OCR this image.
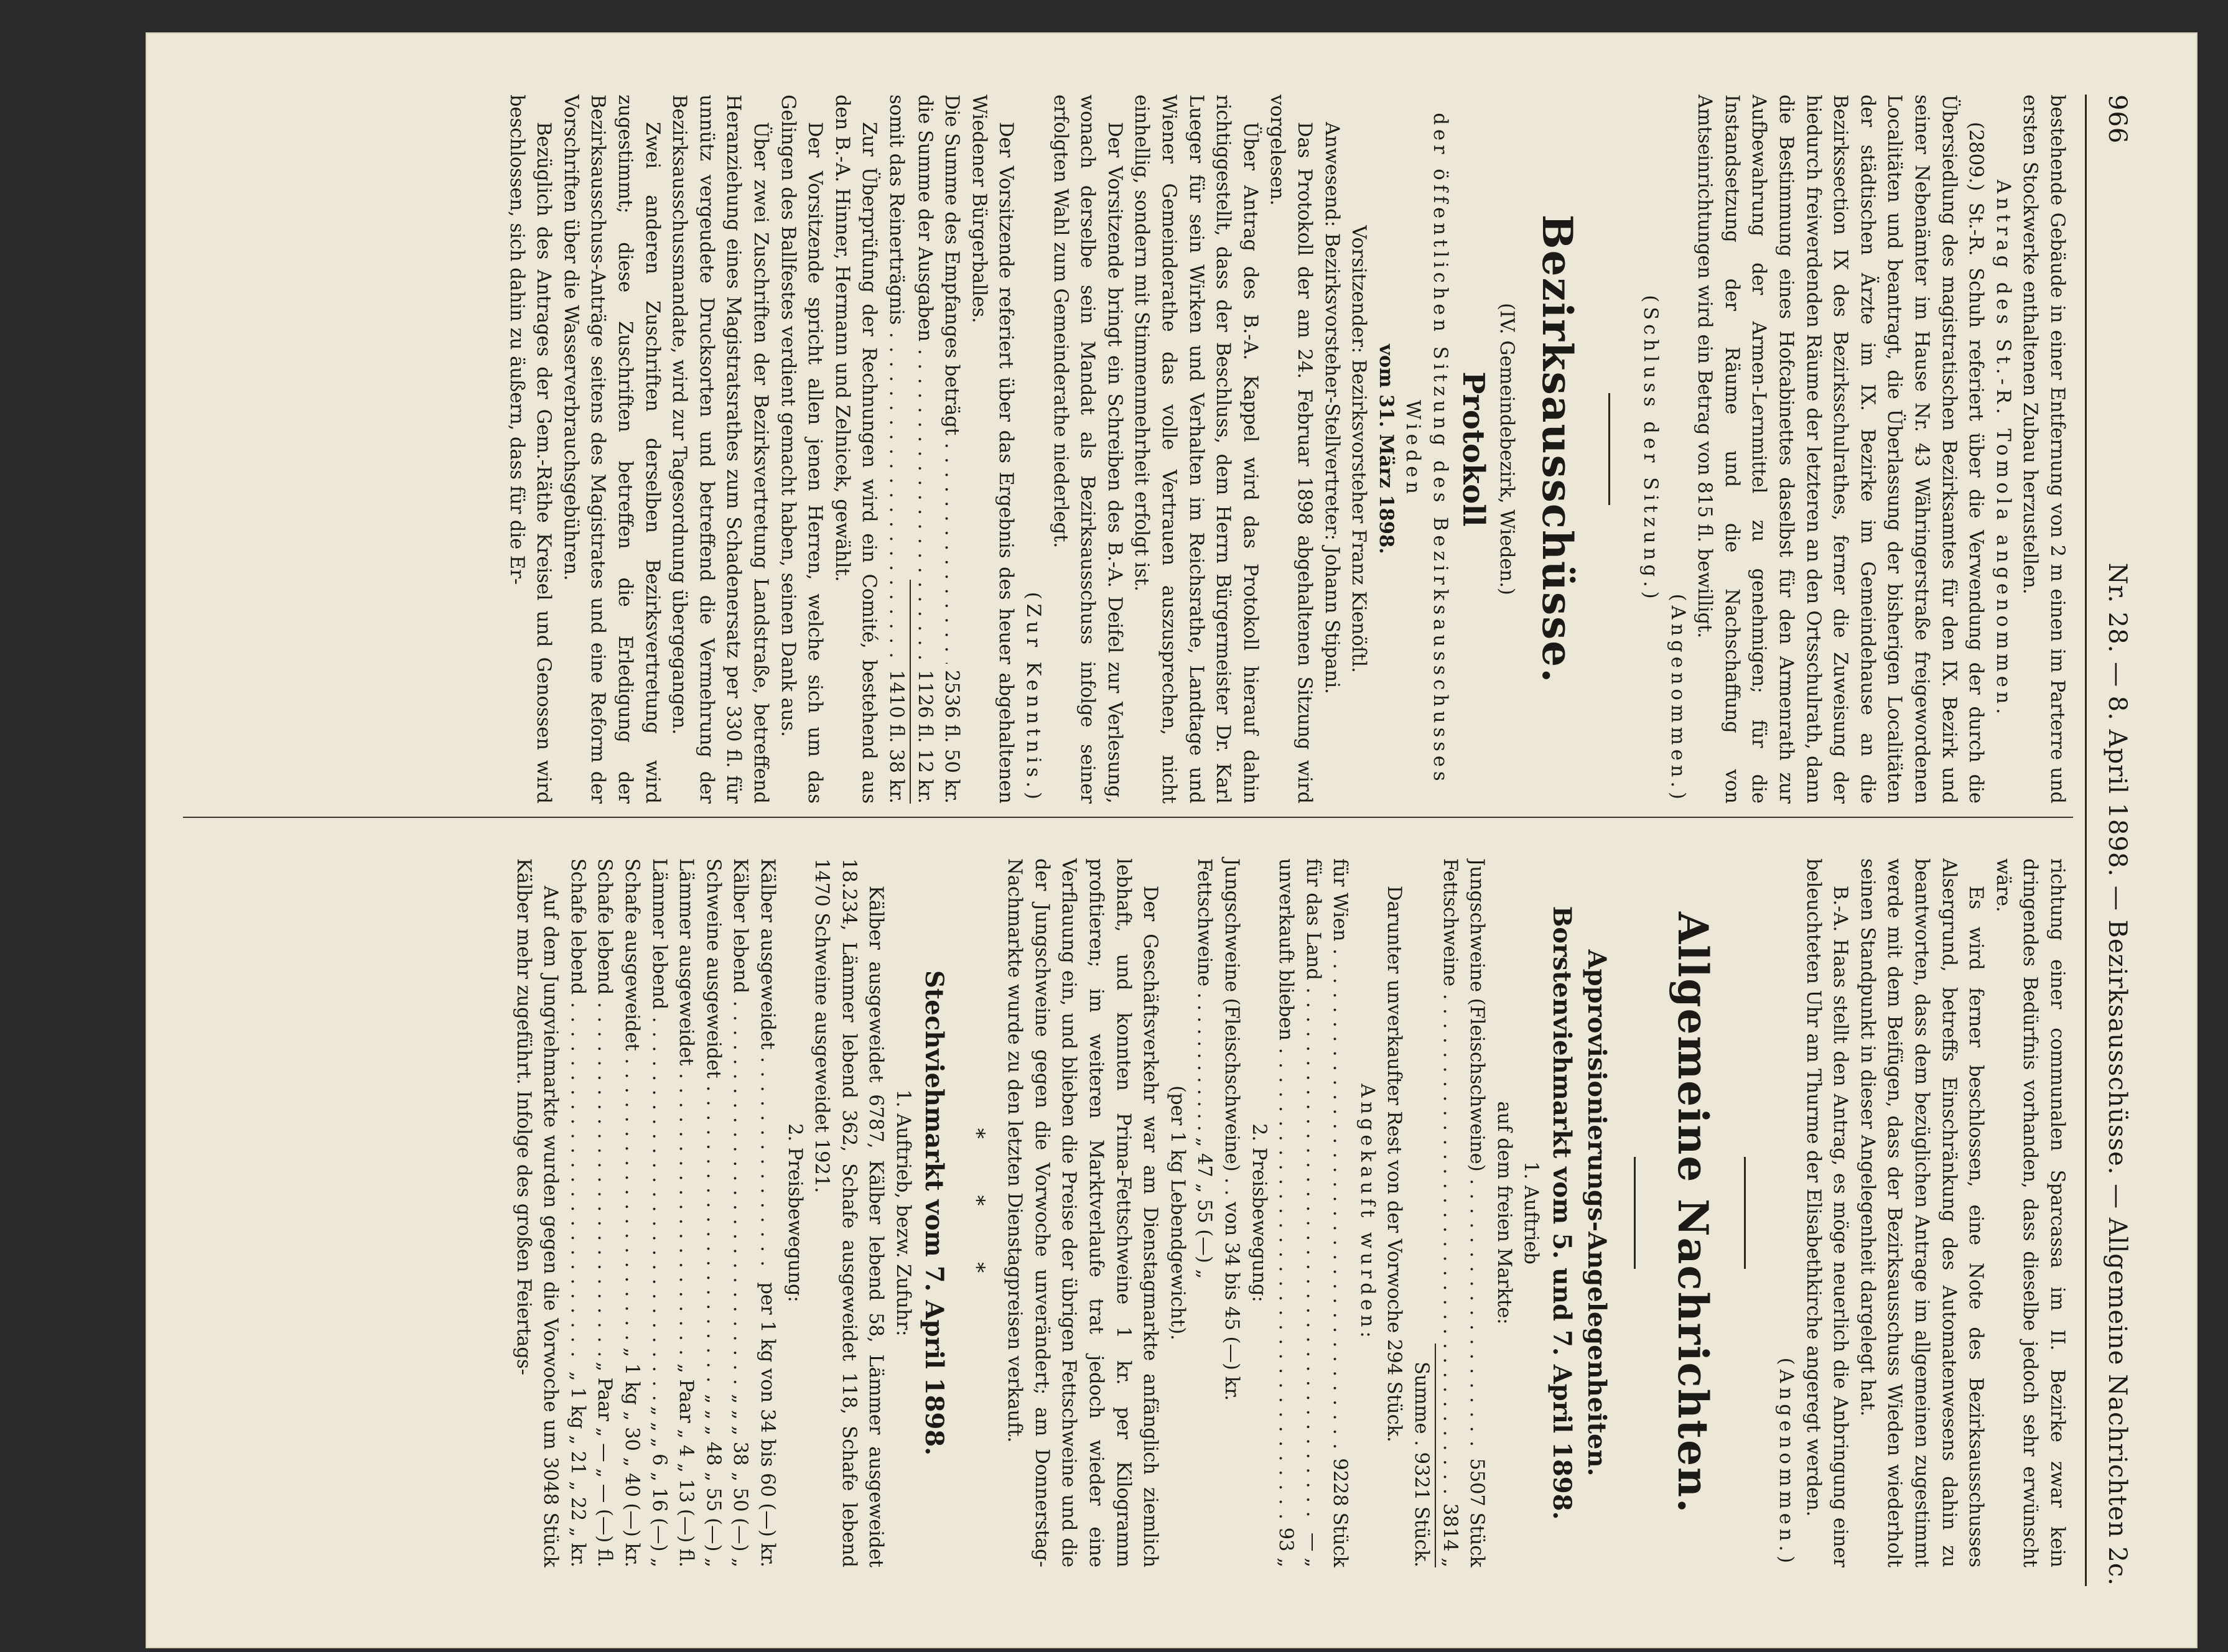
966
Nr. 28. — 8. April 1898. — Bezirksausschüsse. — Allgemeine Nachrichten 2c.

bestehende Gebäude in einer Entfernung von 2 m einen im Parterre und ersten Stockwerke enthaltenen Zubau herzustellen.

Antrag des St.-R. Tomola angenommen.

(2809.) St.-R. Schuh referiert über die Verwendung der durch die Übersiedlung des magistratischen Bezirksamtes für den IX. Bezirk und seiner Nebenämter im Hause Nr. 43 Währingerstraße freigewordenen Localitäten und beantragt, die Überlassung der bisherigen Localitäten der städtischen Ärzte im IX. Bezirke im Gemeindehause an die Bezirkssection IX des Bezirksschulrathes, ferner die Zuweisung der hiedurch freiwerdenden Räume der letzteren an den Ortsschulrath, dann die Bestimmung eines Hofcabinettes daselbst für den Armenrath zur Aufbewahrung der Armen-Lernmittel zu genehmigen; für die Instandsetzung der Räume und die Nachschaffung von Amtseinrichtungen wird ein Betrag von 815 fl. bewilligt.

(Angenommen.)

(Schluss der Sitzung.)

Bezirksausschüsse.

(IV. Gemeindebezirk, Wieden.)

Protokoll

der öffentlichen Sitzung des Bezirksausschusses Wieden

vom 31. März 1898.

Vorsitzender: Bezirksvorsteher Franz Kienöſtl.

Anwesend: Bezirksvorsteher-Stellvertreter: Johann Stipani.

Das Protokoll der am 24. Februar 1898 abgehaltenen Sitzung wird vorgelesen.

Über Antrag des B.-A. Kappel wird das Protokoll hierauf dahin richtiggestellt, dass der Beschluss, dem Herrn Bürgermeister Dr. Karl Lueger für sein Wirken und Verhalten im Reichsrathe, Landtage und Wiener Gemeinderathe das volle Vertrauen auszusprechen, nicht einhellig, sondern mit Stimmenmehrheit erfolgt ist.

Der Vorsitzende bringt ein Schreiben des B.-A. Deifel zur Verlesung, wonach derselbe sein Mandat als Bezirksausschuss infolge seiner erfolgten Wahl zum Gemeinderathe niederlegt.

(Zur Kenntnis.)

Der Vorsitzende referiert über das Ergebnis des heuer abgehaltenen Wiedener Bürgerballes.

Die Summe des Empfanges beträgt . . .
2536 fl. 50 kr.
die Summe der Ausgaben . . .
1126 fl. 12 kr.
somit das Reinerträgnis . . .
1410 fl. 38 kr.

Zur Überprüfung der Rechnungen wird ein Comité, bestehend aus den B.-A. Hinner, Hermann und Zelnicek, gewählt.

Der Vorsitzende spricht allen jenen Herren, welche sich um das Gelingen des Ballfestes verdient gemacht haben, seinen Dank aus.

Über zwei Zuschriften der Bezirksvertretung Landstraße, betreffend Heranziehung eines Magistratsrathes zum Schadenersatz per 330 fl. für unnütz vergeudete Drucksorten und betreffend die Vermehrung der Bezirksausschussmandate, wird zur Tagesordnung übergegangen.

Zwei anderen Zuschriften derselben Bezirksvertretung wird zugestimmt; diese Zuschriften betreffen die Erledigung der Bezirksausschuss-Anträge seitens des Magistrates und eine Reform der Vorschriften über die Wasserverbrauchsgebühren.

Bezüglich des Antrages der Gem.-Räthe Kreisel und Genossen wird beschlossen, sich dahin zu äußern, dass für die Er-

richtung einer communalen Sparcassa im II. Bezirke zwar kein dringendes Bedürfnis vorhanden, dass dieselbe jedoch sehr erwünscht wäre.

Es wird ferner beschlossen, eine Note des Bezirksausschusses Alsergrund, betreffs Einschränkung des Automatenwesens dahin zu beantworten, dass dem bezüglichen Antrage im allgemeinen zugestimmt werde mit dem Beifügen, dass der Bezirksausschuss Wieden wiederholt seinen Standpunkt in dieser Angelegenheit dargelegt hat.

B.-A. Haas stellt den Antrag, es möge neuerlich die Anbringung einer beleuchteten Uhr am Thurme der Elisabethkirche angeregt werden.

(Angenommen.)

Allgemeine Nachrichten.
Approvisionierungs-Angelegenheiten.
Borstenviehmarkt vom 5. und 7. April 1898.

1. Auftrieb

auf dem freien Markte:

Jungschweine (Fleischschweine) . . .
5507 Stück
Fettschweine . . .
3814 „

Summe . 9321 Stück.

Darunter unverkaufter Rest von der Vorwoche 294 Stück.

Angekauft wurden:

für Wien . . .
9228 Stück
für das Land . . .
— „
unverkauft blieben . . .
93 „

2. Preisbewegung:

Jungschweine (Fleischschweine) . . von 34 bis 45 (—) kr.

Fettschweine . . . . . . . . . . . . „ 47 „ 55 (—) „

(per 1 kg Lebendgewicht).

Der Geschäftsverkehr war am Dienstagmarkte anfänglich ziemlich lebhaft, und konnten Prima-Fettschweine 1 kr. per Kilogramm profitieren; im weiteren Marktverlaufe trat jedoch wieder eine Verflauung ein, und blieben die Preise der übrigen Fettschweine und die der Jungschweine gegen die Vorwoche unverändert; am Donnerstag-Nachmarkte wurde zu den letzten Dienstagpreisen verkauft.

* * *
Stechviehmarkt vom 7. April 1898.

1. Auftrieb, bezw. Zufuhr:

Kälber ausgeweidet 6787, Kälber lebend 58, Lämmer ausgeweidet 18.234, Lämmer lebend 362, Schafe ausgeweidet 118, Schafe lebend 1470 Schweine ausgeweidet 1921.

2. Preisbewegung:

Kälber ausgeweidet . . .
per 1 kg von 34 bis 60 (—) kr.
Kälber lebend . . .
„ „ „ 38 „ 50 (—) „
Schweine ausgeweidet . . .
„ „ „ 48 „ 55 (—) „
Lämmer ausgeweidet . . .
„ Paar „ 4 „ 13 (—) fl.
Lämmer lebend . . .
„ „ „ 6 „ 16 (—) „
Schafe ausgeweidet . . .
„ 1 kg „ 30 „ 40 (—) kr.
Schafe lebend . . .
„ Paar „ — „ — (—) fl.
Schafe lebend . . .
„ 1 kg „ 21 „ 22 „ kr.

Auf dem Jungviehmarkte wurden gegen die Vorwoche um 3048 Stück Kälber mehr zugeführt. Infolge des großen Feiertags-
